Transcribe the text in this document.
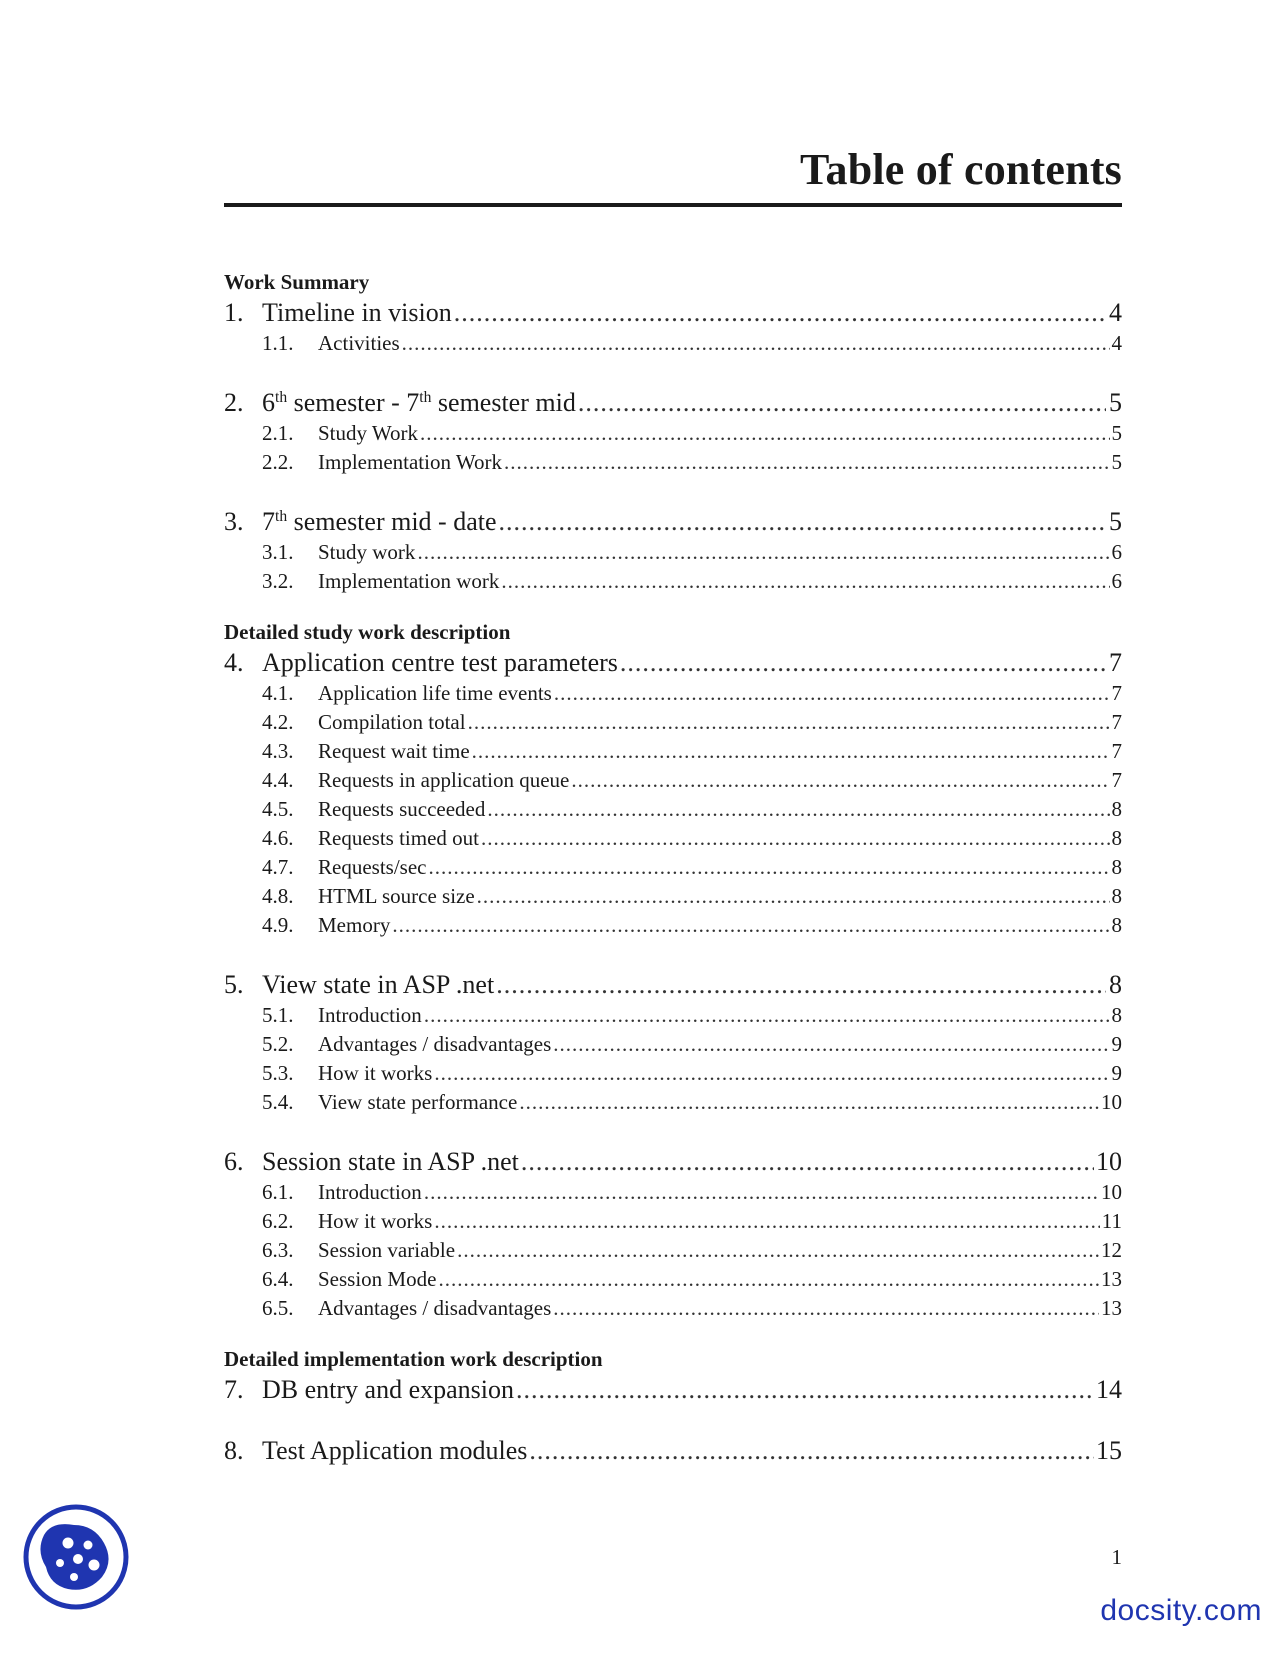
Table of contents
Work Summary
1. Timeline in vision .....	4
1.1.	Activities .....	4
2. 6th semester - 7th semester mid .....	5
2.1.	Study Work .....	5
2.2.	Implementation Work .....	5
3. 7th semester mid - date .....	5
3.1.	Study work .....	6
3.2.	Implementation work .....	6
Detailed study work description
4. Application centre test parameters .....	7
4.1.	Application life time events .....	7
4.2.	Compilation total .....	7
4.3.	Request wait time .....	7
4.4.	Requests in application queue .....	7
4.5.	Requests succeeded .....	8
4.6.	Requests timed out .....	8
4.7.	Requests/sec .....	8
4.8.	HTML source size .....	8
4.9.	Memory .....	8
5. View state in ASP .net .....	8
5.1.	Introduction .....	8
5.2.	Advantages / disadvantages .....	9
5.3.	How it works .....	9
5.4.	View state performance .....	10
6. Session state in ASP .net .....	10
6.1.	Introduction .....	10
6.2.	How it works .....	11
6.3.	Session variable .....	12
6.4.	Session Mode .....	13
6.5.	Advantages / disadvantages .....	13
Detailed implementation work description
7. DB entry and expansion .....	14
8. Test Application modules .....	15
1
docsity.com
